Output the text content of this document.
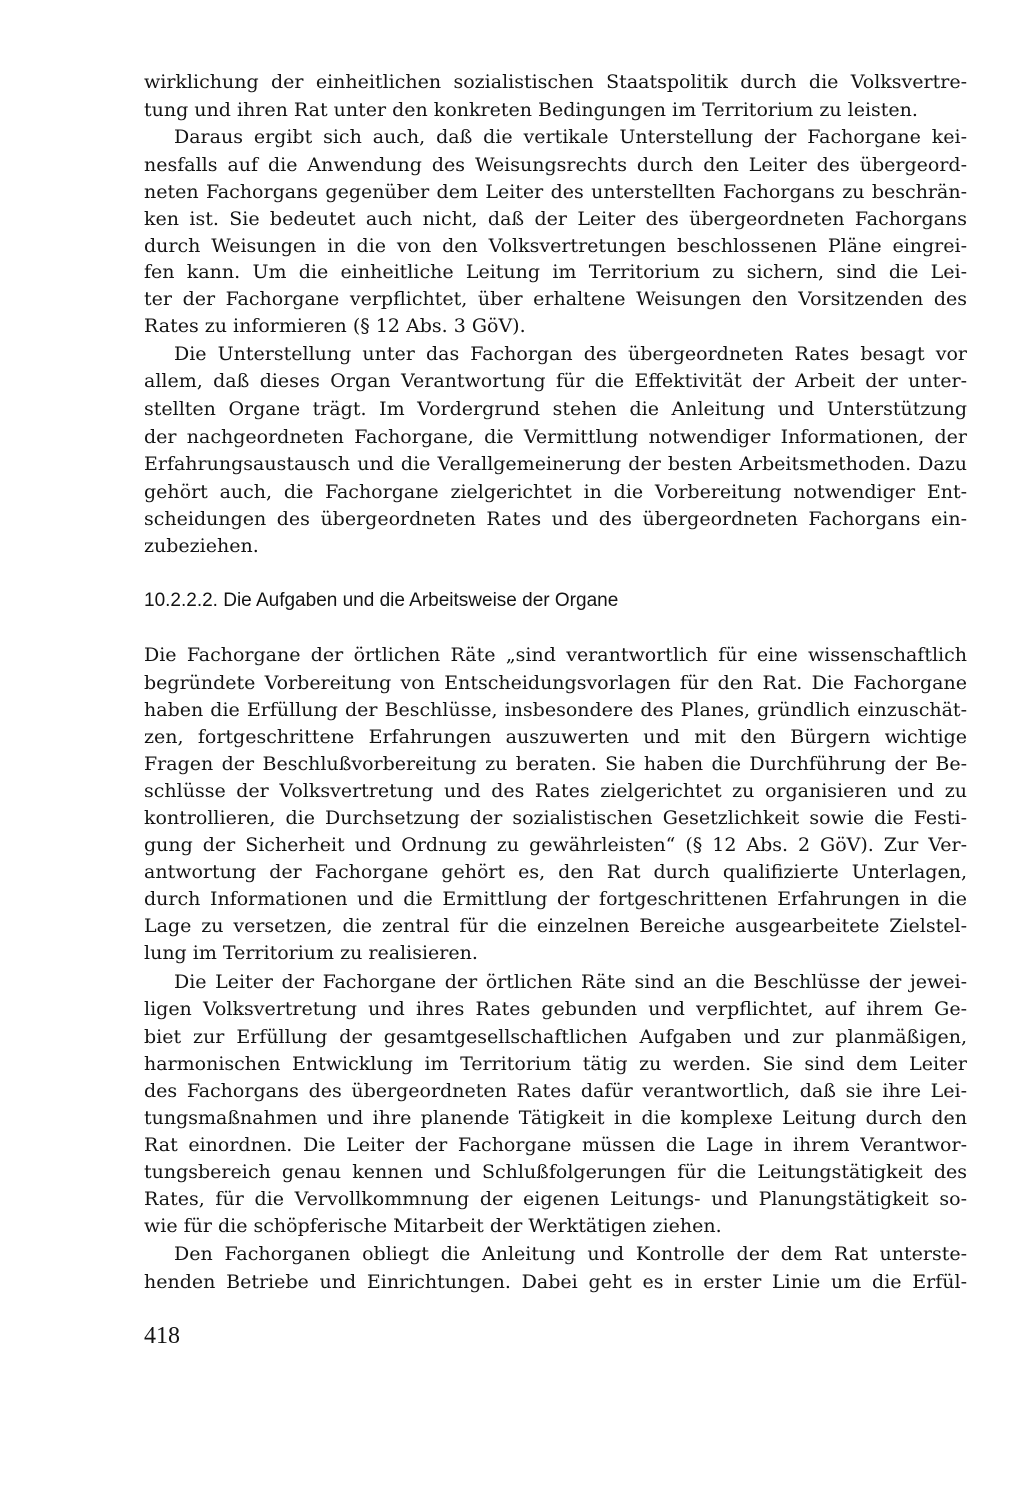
wirklichung der einheitlichen sozialistischen Staatspolitik durch die Volksvertre-
tung und ihren Rat unter den konkreten Bedingungen im Territorium zu leisten.
Daraus ergibt sich auch, daß die vertikale Unterstellung der Fachorgane kei-
nesfalls auf die Anwendung des Weisungsrechts durch den Leiter des übergeord-
neten Fachorgans gegenüber dem Leiter des unterstellten Fachorgans zu beschrän-
ken ist. Sie bedeutet auch nicht, daß der Leiter des übergeordneten Fachorgans
durch Weisungen in die von den Volksvertretungen beschlossenen Pläne eingrei-
fen kann. Um die einheitliche Leitung im Territorium zu sichern, sind die Lei-
ter der Fachorgane verpflichtet, über erhaltene Weisungen den Vorsitzenden des
Rates zu informieren (§ 12 Abs. 3 GöV).
Die Unterstellung unter das Fachorgan des übergeordneten Rates besagt vor
allem, daß dieses Organ Verantwortung für die Effektivität der Arbeit der unter-
stellten Organe trägt. Im Vordergrund stehen die Anleitung und Unterstützung
der nachgeordneten Fachorgane, die Vermittlung notwendiger Informationen, der
Erfahrungsaustausch und die Verallgemeinerung der besten Arbeitsmethoden. Dazu
gehört auch, die Fachorgane zielgerichtet in die Vorbereitung notwendiger Ent-
scheidungen des übergeordneten Rates und des übergeordneten Fachorgans ein-
zubeziehen.
10.2.2.2. Die Aufgaben und die Arbeitsweise der Organe
Die Fachorgane der örtlichen Räte „sind verantwortlich für eine wissenschaftlich
begründete Vorbereitung von Entscheidungsvorlagen für den Rat. Die Fachorgane
haben die Erfüllung der Beschlüsse, insbesondere des Planes, gründlich einzuschät-
zen, fortgeschrittene Erfahrungen auszuwerten und mit den Bürgern wichtige
Fragen der Beschlußvorbereitung zu beraten. Sie haben die Durchführung der Be-
schlüsse der Volksvertretung und des Rates zielgerichtet zu organisieren und zu
kontrollieren, die Durchsetzung der sozialistischen Gesetzlichkeit sowie die Festi-
gung der Sicherheit und Ordnung zu gewährleisten“ (§ 12 Abs. 2 GöV). Zur Ver-
antwortung der Fachorgane gehört es, den Rat durch qualifizierte Unterlagen,
durch Informationen und die Ermittlung der fortgeschrittenen Erfahrungen in die
Lage zu versetzen, die zentral für die einzelnen Bereiche ausgearbeitete Zielstel-
lung im Territorium zu realisieren.
Die Leiter der Fachorgane der örtlichen Räte sind an die Beschlüsse der jewei-
ligen Volksvertretung und ihres Rates gebunden und verpflichtet, auf ihrem Ge-
biet zur Erfüllung der gesamtgesellschaftlichen Aufgaben und zur planmäßigen,
harmonischen Entwicklung im Territorium tätig zu werden. Sie sind dem Leiter
des Fachorgans des übergeordneten Rates dafür verantwortlich, daß sie ihre Lei-
tungsmaßnahmen und ihre planende Tätigkeit in die komplexe Leitung durch den
Rat einordnen. Die Leiter der Fachorgane müssen die Lage in ihrem Verantwor-
tungsbereich genau kennen und Schlußfolgerungen für die Leitungstätigkeit des
Rates, für die Vervollkommnung der eigenen Leitungs- und Planungstätigkeit so-
wie für die schöpferische Mitarbeit der Werktätigen ziehen.
Den Fachorganen obliegt die Anleitung und Kontrolle der dem Rat unterste-
henden Betriebe und Einrichtungen. Dabei geht es in erster Linie um die Erfül-
418
